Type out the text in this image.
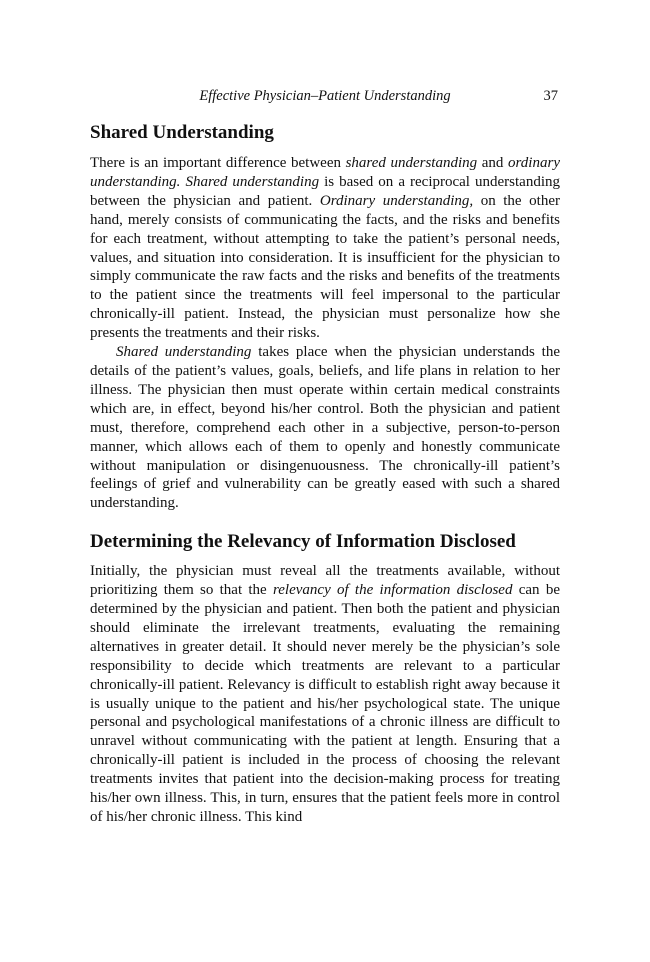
Effective Physician–Patient Understanding	37
Shared Understanding

There is an important difference between shared understanding and ordinary understanding. Shared understanding is based on a reciprocal understanding between the physician and patient. Ordinary understanding, on the other hand, merely consists of communicating the facts, and the risks and benefits for each treatment, without attempting to take the patient’s personal needs, values, and situation into consideration. It is insufficient for the physician to simply communicate the raw facts and the risks and benefits of the treatments to the patient since the treatments will feel impersonal to the particular chronically-ill patient. Instead, the physician must personalize how she presents the treatments and their risks.

Shared understanding takes place when the physician understands the details of the patient’s values, goals, beliefs, and life plans in relation to her illness. The physician then must operate within certain medical constraints which are, in effect, beyond his/her control. Both the physician and patient must, therefore, comprehend each other in a subjective, person-to-person manner, which allows each of them to openly and honestly communicate without manipulation or disingenuousness. The chronically-ill patient’s feelings of grief and vulnerability can be greatly eased with such a shared understanding.

Determining the Relevancy of Information Disclosed

Initially, the physician must reveal all the treatments available, without prioritizing them so that the relevancy of the information disclosed can be determined by the physician and patient. Then both the patient and physician should eliminate the irrelevant treatments, evaluating the remaining alternatives in greater detail. It should never merely be the physician’s sole responsibility to decide which treatments are relevant to a particular chronically-ill patient. Relevancy is difficult to establish right away because it is usually unique to the patient and his/her psychological state. The unique personal and psychological manifestations of a chronic illness are difficult to unravel without communicating with the patient at length. Ensuring that a chronically-ill patient is included in the process of choosing the relevant treatments invites that patient into the decision-making process for treating his/her own illness. This, in turn, ensures that the patient feels more in control of his/her chronic illness. This kind
